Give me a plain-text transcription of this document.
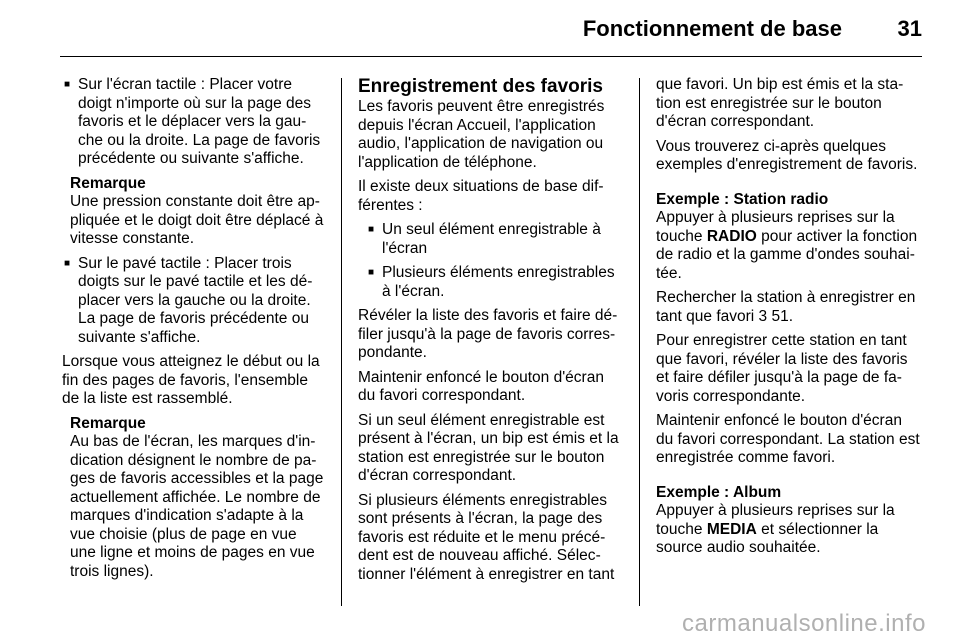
Fonctionnement de base	31
■ Sur l'écran tactile : Placer votre doigt n'importe où sur la page des favoris et le déplacer vers la gauche ou la droite. La page de favoris précédente ou suivante s'affiche.
Remarque

Une pression constante doit être appliquée et le doigt doit être déplacé à vitesse constante.

■ Sur le pavé tactile : Placer trois doigts sur le pavé tactile et les déplacer vers la gauche ou la droite. La page de favoris précédente ou suivante s'affiche.

Lorsque vous atteignez le début ou la fin des pages de favoris, l'ensemble de la liste est rassemblé.

Remarque

Au bas de l'écran, les marques d'indication désignent le nombre de pages de favoris accessibles et la page actuellement affichée. Le nombre de marques d'indication s'adapte à la vue choisie (plus de page en vue une ligne et moins de pages en vue trois lignes).

Enregistrement des favoris

Les favoris peuvent être enregistrés depuis l'écran Accueil, l'application audio, l'application de navigation ou l'application de téléphone.

Il existe deux situations de base différentes :

■ Un seul élément enregistrable à l'écran
■ Plusieurs éléments enregistrables à l'écran.

Révéler la liste des favoris et faire défiler jusqu'à la page de favoris correspondante.

Maintenir enfoncé le bouton d'écran du favori correspondant.

Si un seul élément enregistrable est présent à l'écran, un bip est émis et la station est enregistrée sur le bouton d'écran correspondant.

Si plusieurs éléments enregistrables sont présents à l'écran, la page des favoris est réduite et le menu précédent est de nouveau affiché. Sélectionner l'élément à enregistrer en tant

que favori. Un bip est émis et la station est enregistrée sur le bouton d'écran correspondant.

Vous trouverez ci-après quelques exemples d'enregistrement de favoris.

Exemple : Station radio

Appuyer à plusieurs reprises sur la touche RADIO pour activer la fonction de radio et la gamme d'ondes souhaitée.

Rechercher la station à enregistrer en tant que favori 3 51.

Pour enregistrer cette station en tant que favori, révéler la liste des favoris et faire défiler jusqu'à la page de favoris correspondante.

Maintenir enfoncé le bouton d'écran du favori correspondant. La station est enregistrée comme favori.

Exemple : Album

Appuyer à plusieurs reprises sur la touche MEDIA et sélectionner la source audio souhaitée.

carmanualsonline.info
